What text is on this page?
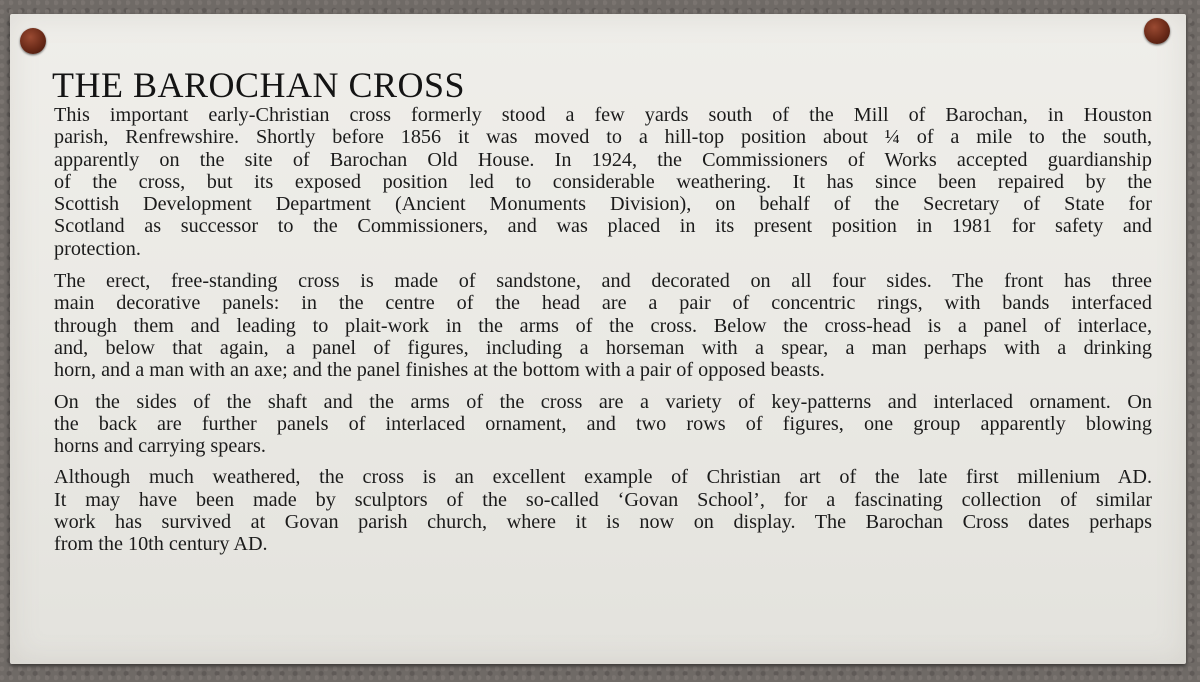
THE BAROCHAN CROSS

This important early-Christian cross formerly stood a few yards south of the Mill of Barochan, in Houston
parish, Renfrewshire. Shortly before 1856 it was moved to a hill-top position about ¼ of a mile to the south,
apparently on the site of Barochan Old House. In 1924, the Commissioners of Works accepted guardianship
of the cross, but its exposed position led to considerable weathering. It has since been repaired by the
Scottish Development Department (Ancient Monuments Division), on behalf of the Secretary of State for
Scotland as successor to the Commissioners, and was placed in its present position in 1981 for safety and
protection.

The erect, free-standing cross is made of sandstone, and decorated on all four sides. The front has three
main decorative panels: in the centre of the head are a pair of concentric rings, with bands interfaced
through them and leading to plait-work in the arms of the cross. Below the cross-head is a panel of interlace,
and, below that again, a panel of figures, including a horseman with a spear, a man perhaps with a drinking
horn, and a man with an axe; and the panel finishes at the bottom with a pair of opposed beasts.

On the sides of the shaft and the arms of the cross are a variety of key-patterns and interlaced ornament. On
the back are further panels of interlaced ornament, and two rows of figures, one group apparently blowing
horns and carrying spears.

Although much weathered, the cross is an excellent example of Christian art of the late first millenium AD.
It may have been made by sculptors of the so-called ‘Govan School’, for a fascinating collection of similar
work has survived at Govan parish church, where it is now on display. The Barochan Cross dates perhaps
from the 10th century AD.
